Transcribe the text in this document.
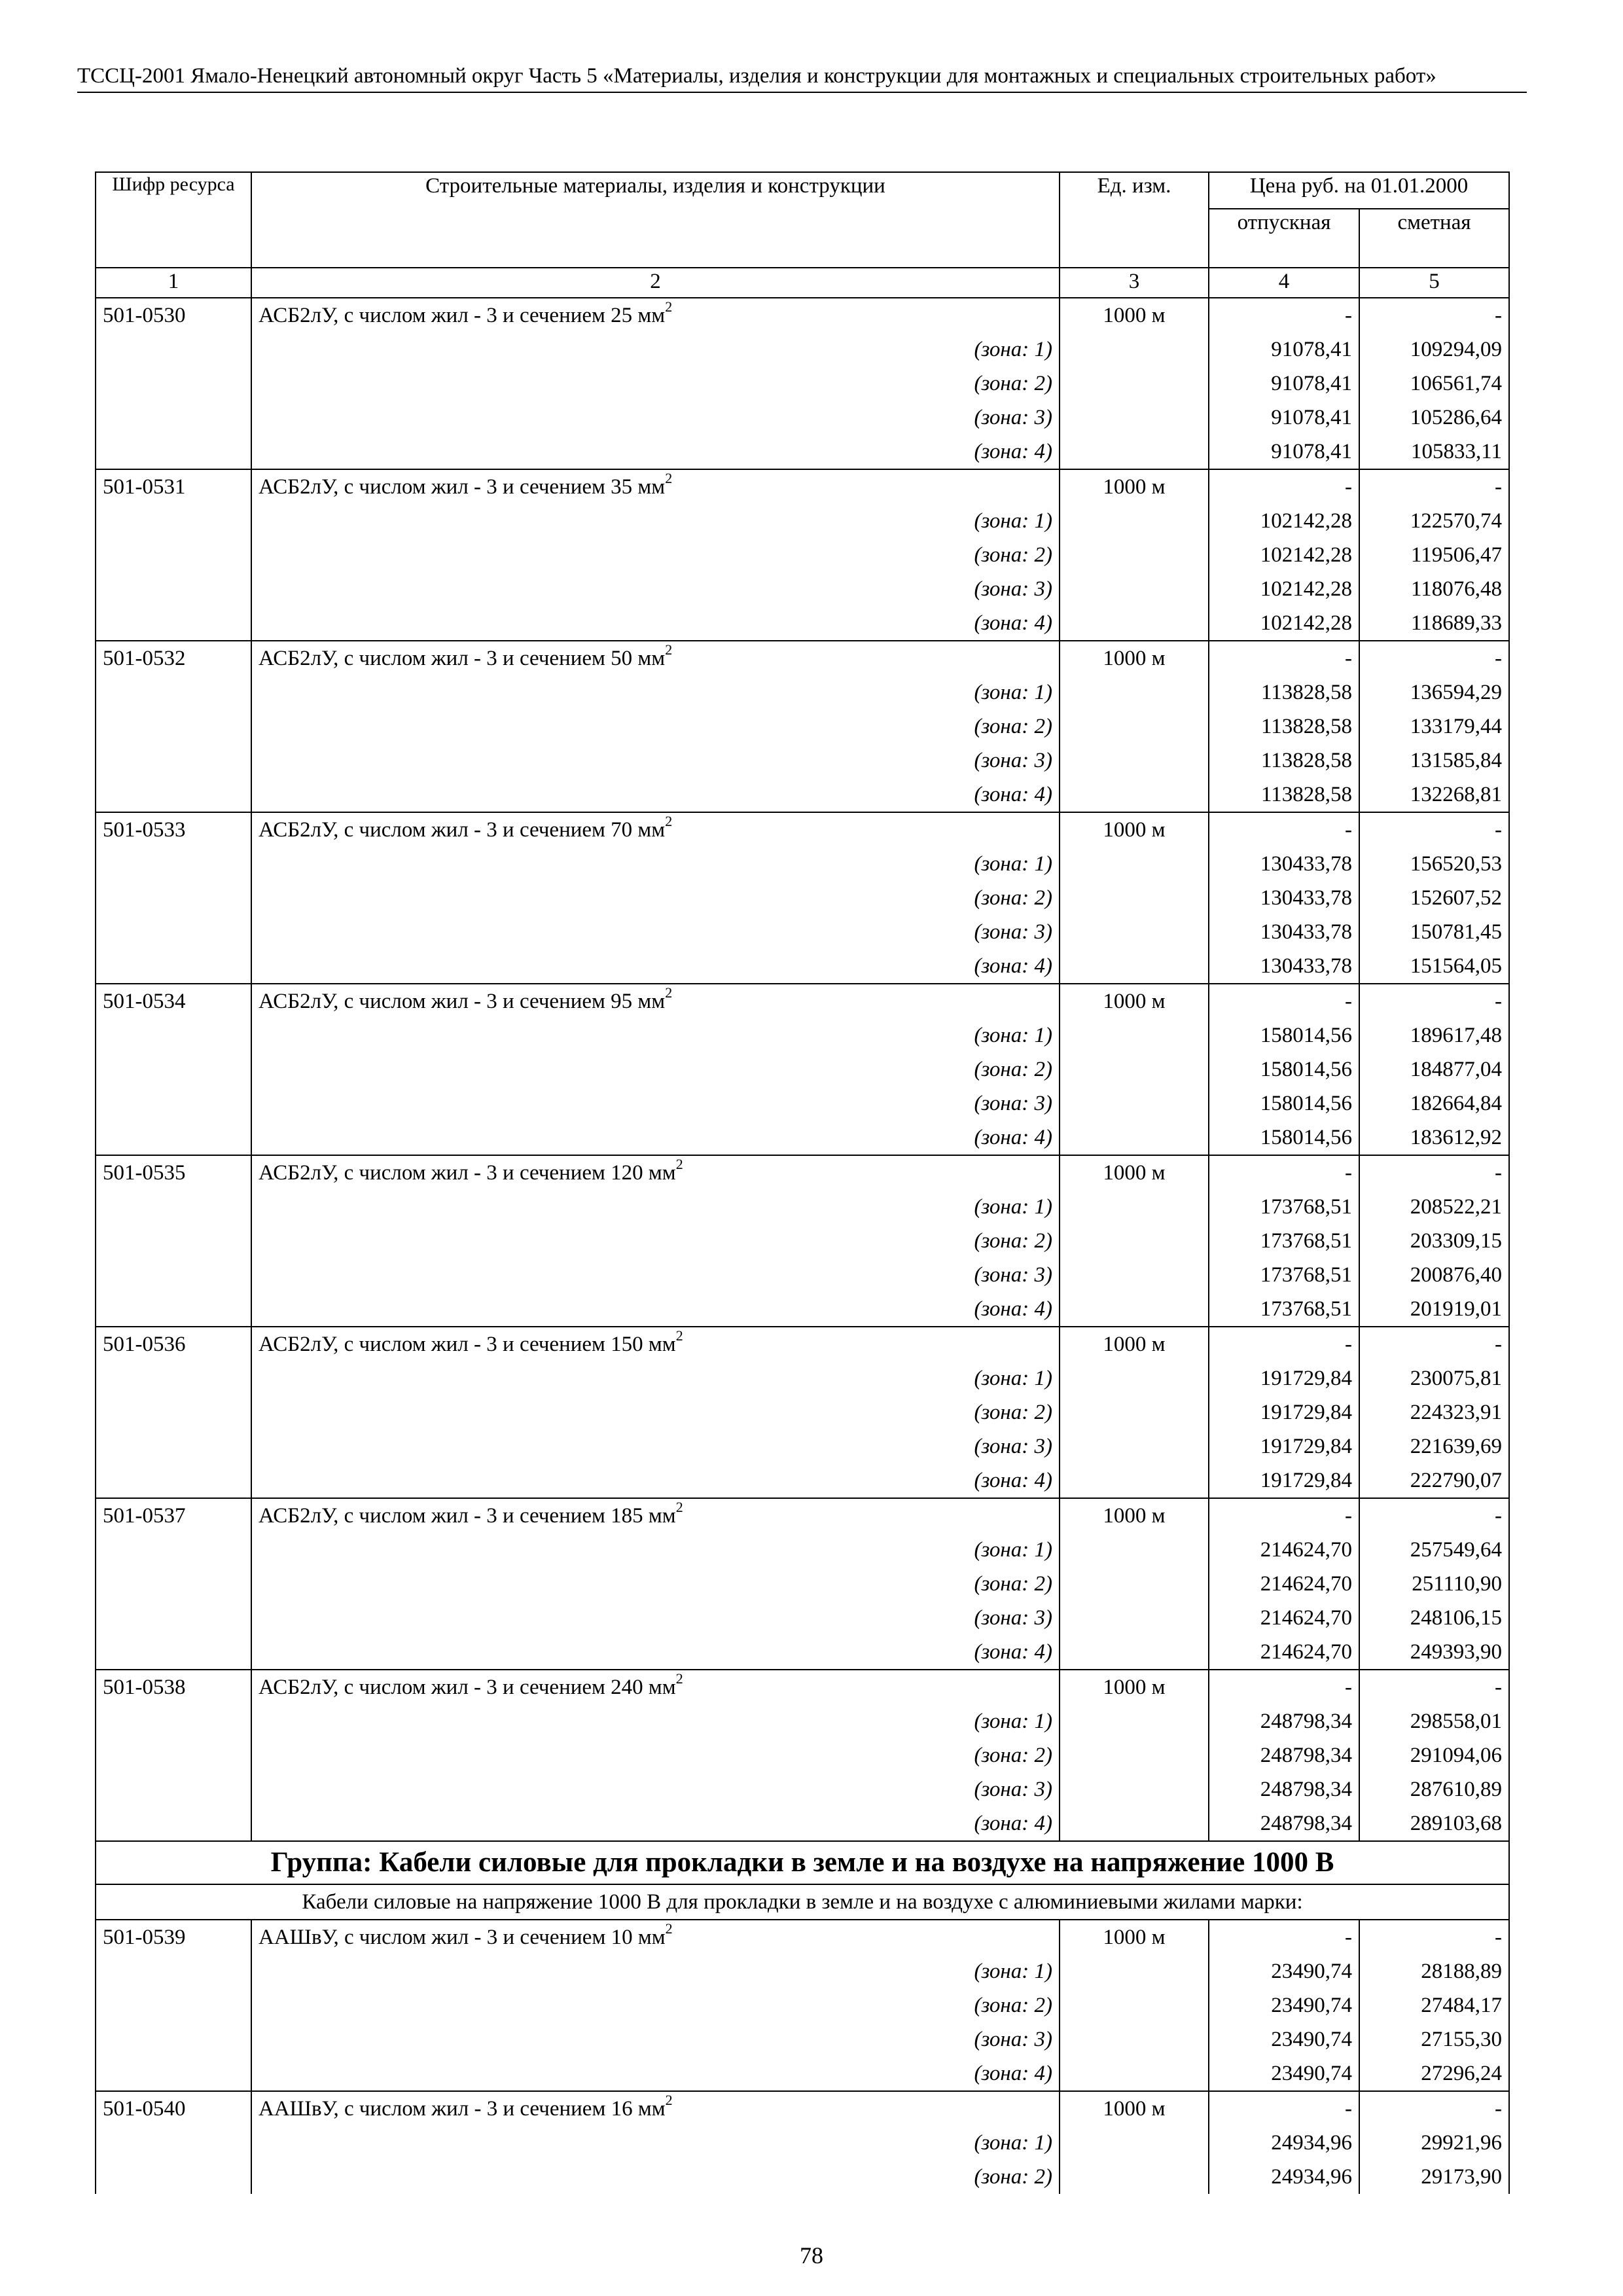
ТССЦ-2001 Ямало-Ненецкий автономный округ Часть 5 «Материалы, изделия и конструкции для монтажных и специальных строительных работ»
Шифр ресурса	Строительные материалы, изделия и конструкции	Ед. изм.	Цена руб. на 01.01.2000	
			отпускная	сметная
1	2	3	4	5
501-0530	АСБ2лУ, с числом жил - 3 и сечением 25 $мм^2$	1000 м	-	-
	(зона: 1)		91078,41	109294,09
	(зона: 2)		91078,41	106561,74
	(зона: 3)		91078,41	105286,64
	(зона: 4)		91078,41	105833,11
501-0531	АСБ2лУ, с числом жил - 3 и сечением 35 $мм^2$	1000 м	-	-
	(зона: 1)		102142,28	122570,74
	(зона: 2)		102142,28	119506,47
	(зона: 3)		102142,28	118076,48
	(зона: 4)		102142,28	118689,33
501-0532	АСБ2лУ, с числом жил - 3 и сечением 50 $мм^2$	1000 м	-	-
	(зона: 1)		113828,58	136594,29
	(зона: 2)		113828,58	133179,44
	(зона: 3)		113828,58	131585,84
	(зона: 4)		113828,58	132268,81
501-0533	АСБ2лУ, с числом жил - 3 и сечением 70 $мм^2$	1000 м	-	-
	(зона: 1)		130433,78	156520,53
	(зона: 2)		130433,78	152607,52
	(зона: 3)		130433,78	150781,45
	(зона: 4)		130433,78	151564,05
501-0534	АСБ2лУ, с числом жил - 3 и сечением 95 $мм^2$	1000 м	-	-
	(зона: 1)		158014,56	189617,48
	(зона: 2)		158014,56	184877,04
	(зона: 3)		158014,56	182664,84
	(зона: 4)		158014,56	183612,92
501-0535	АСБ2лУ, с числом жил - 3 и сечением 120 $мм^2$	1000 м	-	-
	(зона: 1)		173768,51	208522,21
	(зона: 2)		173768,51	203309,15
	(зона: 3)		173768,51	200876,40
	(зона: 4)		173768,51	201919,01
501-0536	АСБ2лУ, с числом жил - 3 и сечением 150 $мм^2$	1000 м	-	-
	(зона: 1)		191729,84	230075,81
	(зона: 2)		191729,84	224323,91
	(зона: 3)		191729,84	221639,69
	(зона: 4)		191729,84	222790,07
501-0537	АСБ2лУ, с числом жил - 3 и сечением 185 $мм^2$	1000 м	-	-
	(зона: 1)		214624,70	257549,64
	(зона: 2)		214624,70	251110,90
	(зона: 3)		214624,70	248106,15
	(зона: 4)		214624,70	249393,90
501-0538	АСБ2лУ, с числом жил - 3 и сечением 240 $мм^2$	1000 м	-	-
	(зона: 1)		248798,34	298558,01
	(зона: 2)		248798,34	291094,06
	(зона: 3)		248798,34	287610,89
	(зона: 4)		248798,34	289103,68
Группа: Кабели силовые для прокладки в земле и на воздухе на напряжение 1000 В				
Кабели силовые на напряжение 1000 В для прокладки в земле и на воздухе с алюминиевыми жилами марки:				
501-0539	ААШвУ, с числом жил - 3 и сечением 10 $мм^2$	1000 м	-	-
	(зона: 1)		23490,74	28188,89
	(зона: 2)		23490,74	27484,17
	(зона: 3)		23490,74	27155,30
	(зона: 4)		23490,74	27296,24
501-0540	ААШвУ, с числом жил - 3 и сечением 16 $мм^2$	1000 м	-	-
	(зона: 1)		24934,96	29921,96
	(зона: 2)		24934,96	29173,90
78
